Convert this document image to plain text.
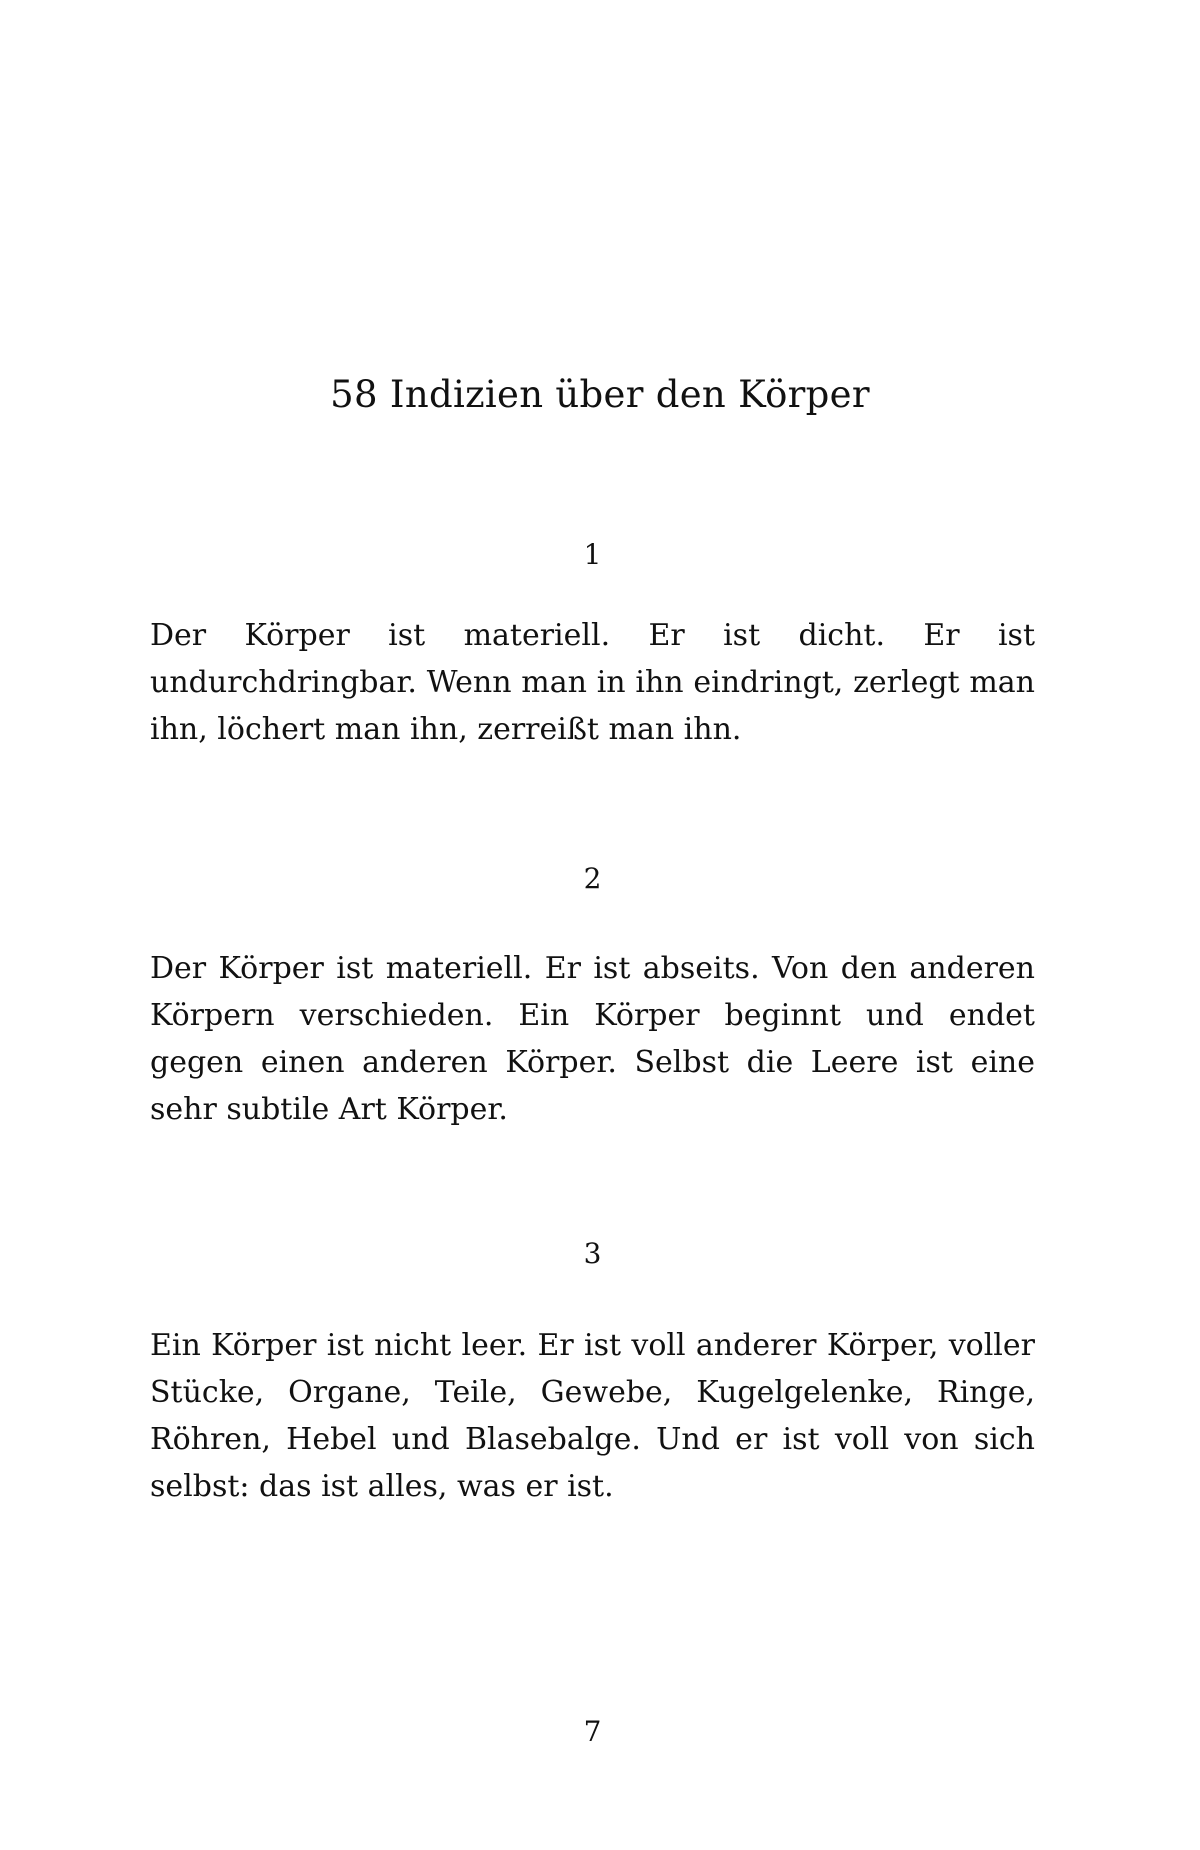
58 Indizien über den Körper
1

Der Körper ist materiell. Er ist dicht. Er ist undurchdringbar. Wenn man in ihn eindringt, zerlegt man ihn, löchert man ihn, zerreißt man ihn.

2

Der Körper ist materiell. Er ist abseits. Von den anderen Körpern verschieden. Ein Körper beginnt und endet gegen einen anderen Körper. Selbst die Leere ist eine sehr subtile Art Körper.

3

Ein Körper ist nicht leer. Er ist voll anderer Körper, voller Stücke, Organe, Teile, Gewebe, Kugelgelenke, Ringe, Röhren, Hebel und Blasebalge. Und er ist voll von sich selbst: das ist alles, was er ist.

7
